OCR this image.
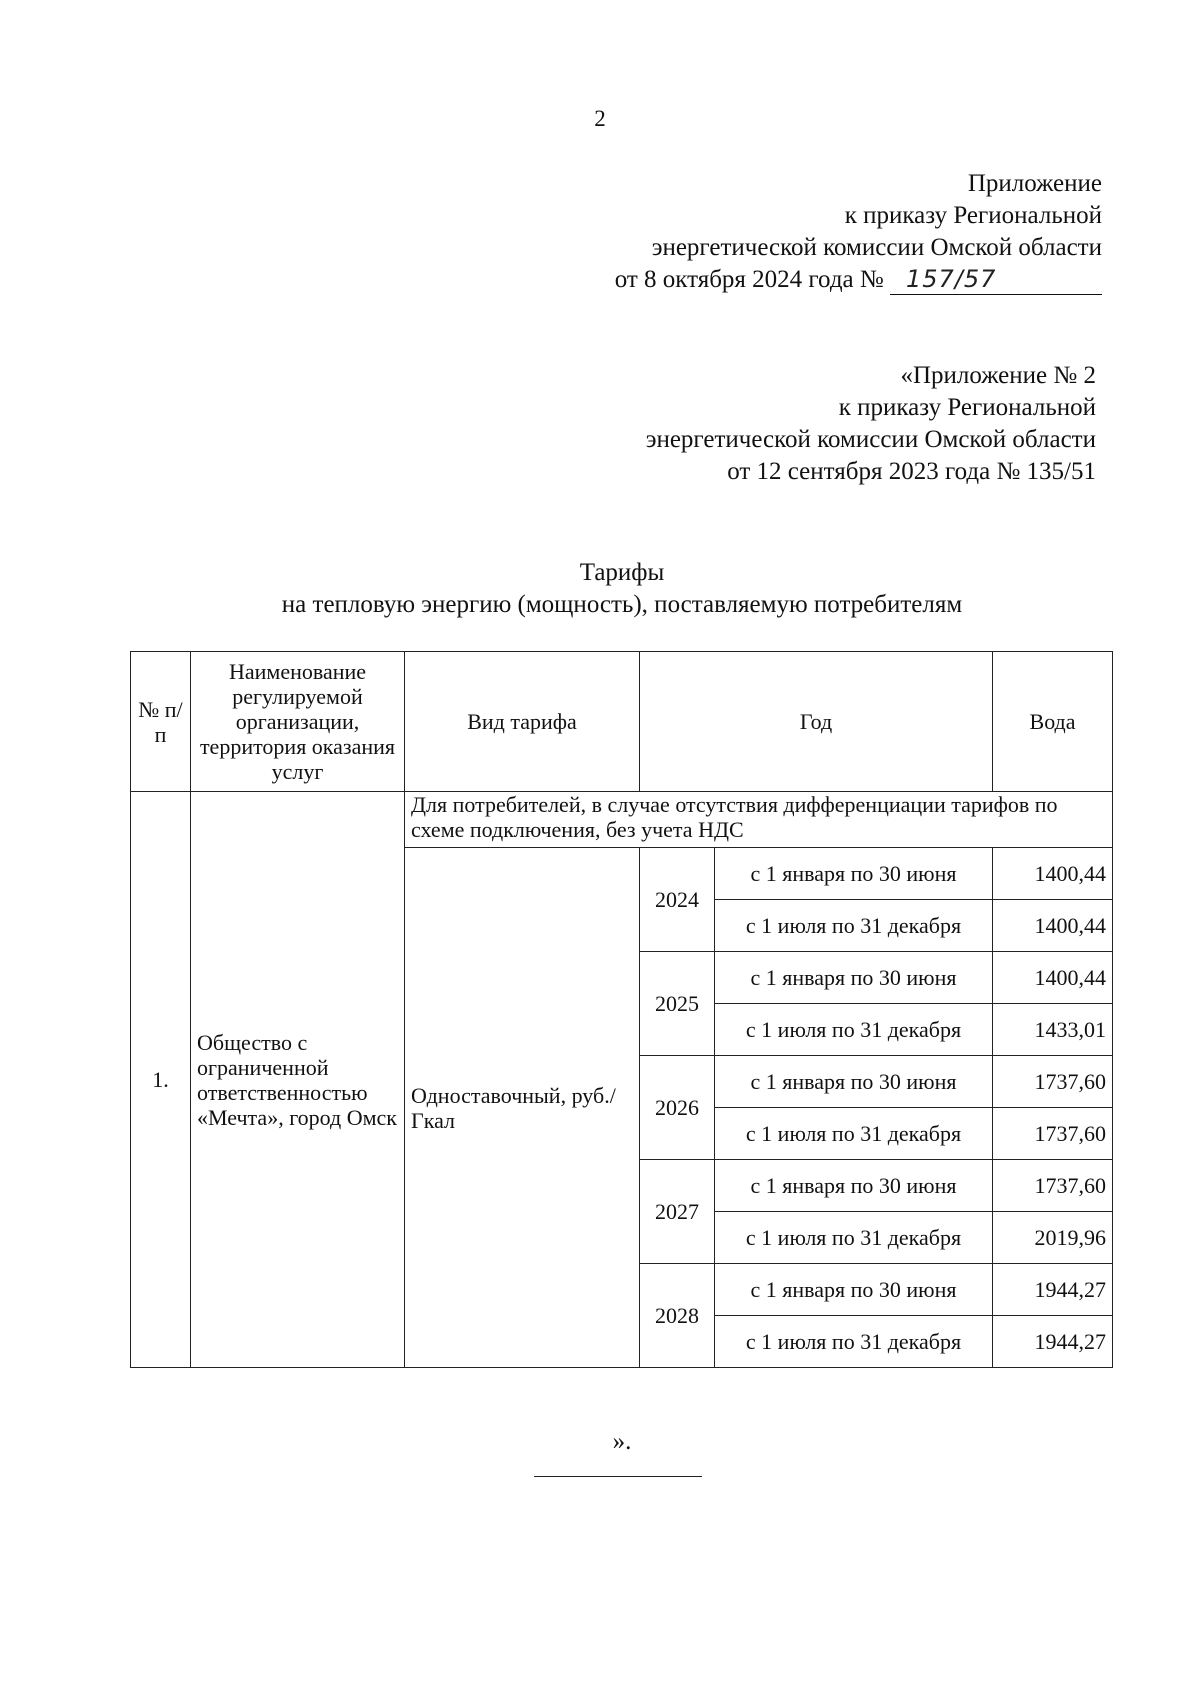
2
Приложение
к приказу Региональной
энергетической комиссии Омской области
от 8 октября 2024 года № 157/57
«Приложение № 2
к приказу Региональной
энергетической комиссии Омской области
от 12 сентября 2023 года № 135/51
Тарифы
на тепловую энергию (мощность), поставляемую потребителям
№ п/п	Наименование регулируемой организации, территория оказания услуг	Вид тарифа	Год		Вода
1.	Общество с ограниченной ответственностью «Мечта», город Омск	Для потребителей, в случае отсутствия дифференциации тарифов по схеме подключения, без учета НДС			
		Одноставочный, руб./Гкал	2024	с 1 января по 30 июня	1400,44
				с 1 июля по 31 декабря	1400,44
			2025	с 1 января по 30 июня	1400,44
				с 1 июля по 31 декабря	1433,01
			2026	с 1 января по 30 июня	1737,60
				с 1 июля по 31 декабря	1737,60
			2027	с 1 января по 30 июня	1737,60
				с 1 июля по 31 декабря	2019,96
			2028	с 1 января по 30 июня	1944,27
				с 1 июля по 31 декабря	1944,27
».
